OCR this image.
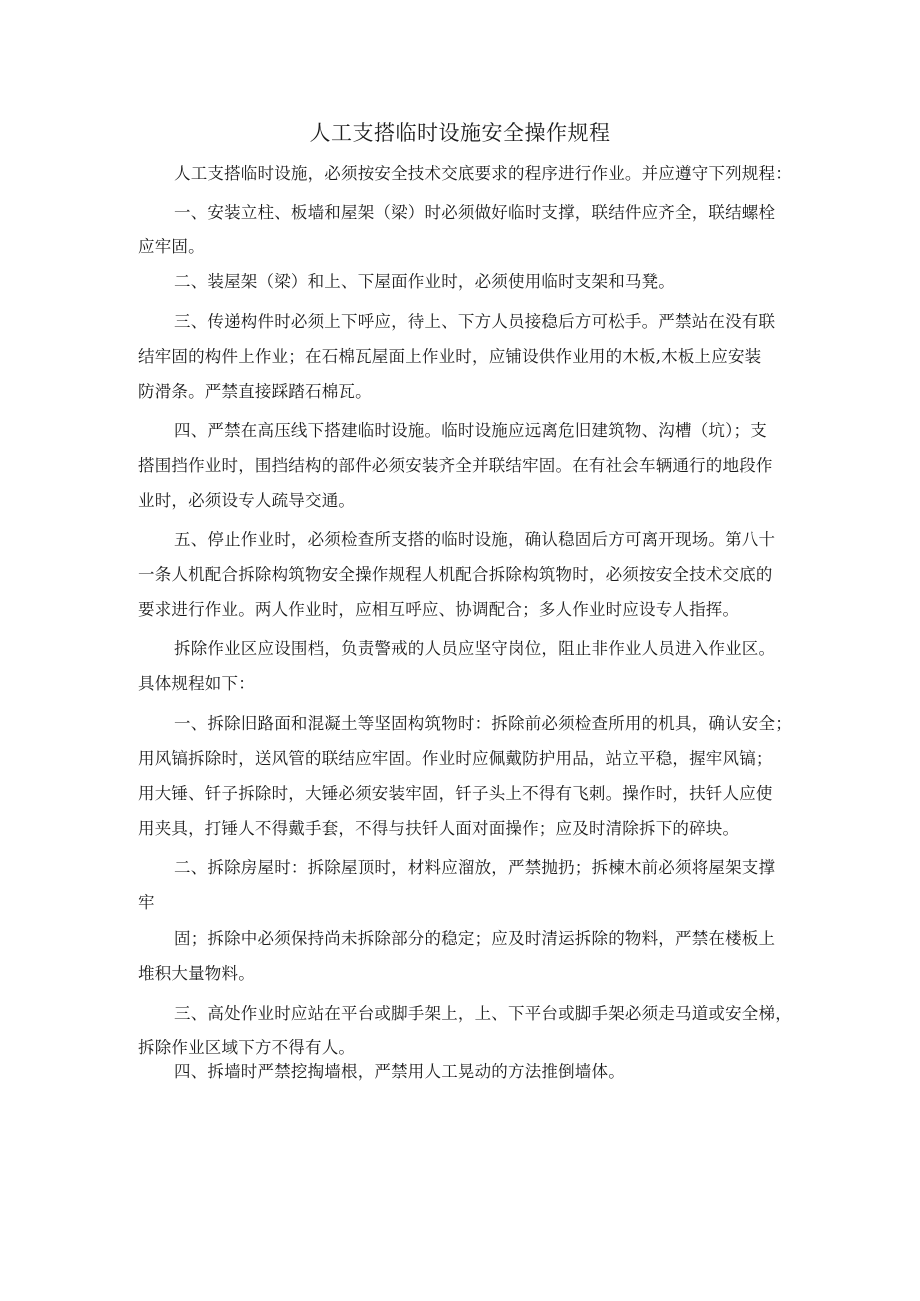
人工支搭临时设施安全操作规程
人工支搭临时设施，必须按安全技术交底要求的程序进行作业。并应遵守下列规程：
一、安装立柱、板墙和屋架（梁）时必须做好临时支撑，联结件应齐全，联结螺栓
应牢固。
二、装屋架（梁）和上、下屋面作业时，必须使用临时支架和马凳。
三、传递构件时必须上下呼应，待上、下方人员接稳后方可松手。严禁站在没有联
结牢固的构件上作业；在石棉瓦屋面上作业时，应铺设供作业用的木板,木板上应安装
防滑条。严禁直接踩踏石棉瓦。
四、严禁在高压线下搭建临时设施。临时设施应远离危旧建筑物、沟槽（坑）；支
搭围挡作业时，围挡结构的部件必须安装齐全并联结牢固。在有社会车辆通行的地段作
业时，必须设专人疏导交通。
五、停止作业时，必须检查所支搭的临时设施，确认稳固后方可离开现场。第八十
一条人机配合拆除构筑物安全操作规程人机配合拆除构筑物时，必须按安全技术交底的
要求进行作业。两人作业时，应相互呼应、协调配合；多人作业时应设专人指挥。
拆除作业区应设围档，负责警戒的人员应坚守岗位，阻止非作业人员进入作业区。
具体规程如下：
一、拆除旧路面和混凝土等坚固构筑物时：拆除前必须检查所用的机具，确认安全；
用风镐拆除时，送风管的联结应牢固。作业时应佩戴防护用品，站立平稳，握牢风镐；
用大锤、钎子拆除时，大锤必须安装牢固，钎子头上不得有飞刺。操作时，扶钎人应使
用夹具，打锤人不得戴手套，不得与扶钎人面对面操作；应及时清除拆下的碎块。
二、拆除房屋时：拆除屋顶时，材料应溜放，严禁抛扔；拆楝木前必须将屋架支撑
牢
固；拆除中必须保持尚未拆除部分的稳定；应及时清运拆除的物料，严禁在楼板上
堆积大量物料。
三、高处作业时应站在平台或脚手架上，上、下平台或脚手架必须走马道或安全梯，
拆除作业区域下方不得有人。
四、拆墙时严禁挖掏墙根，严禁用人工晃动的方法推倒墙体。
